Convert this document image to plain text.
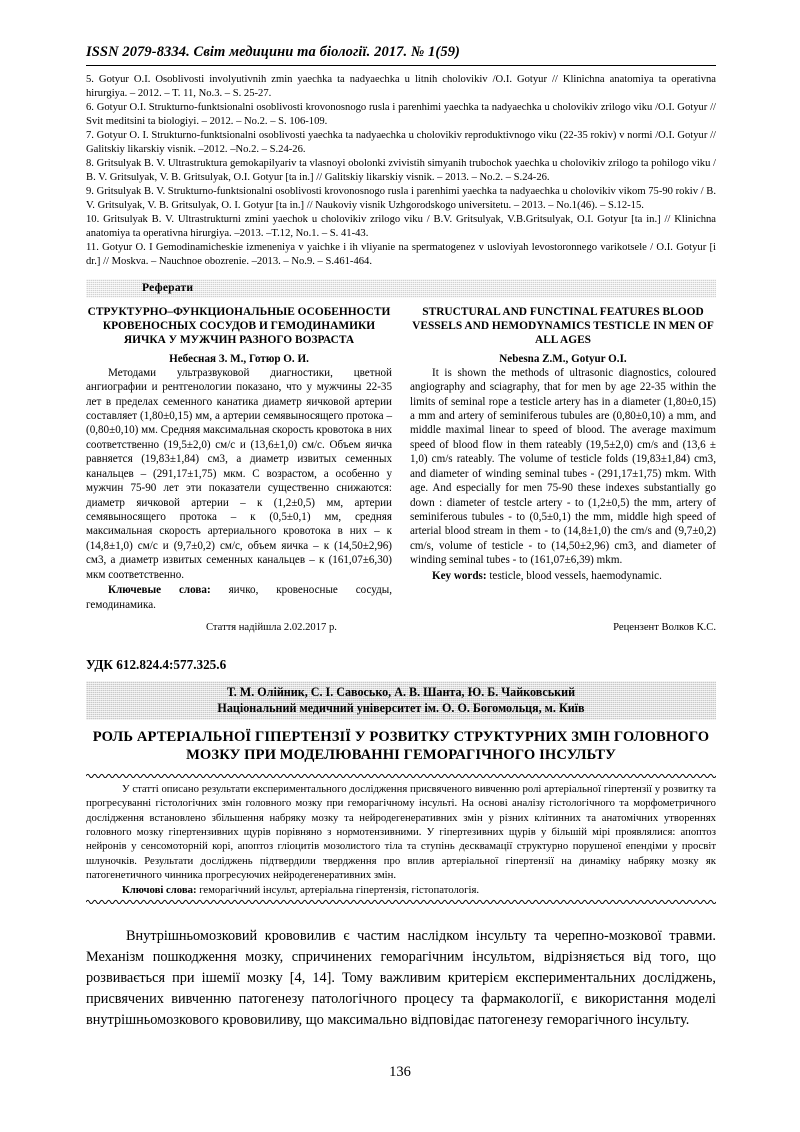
ISSN 2079-8334. Світ медицини та біології. 2017. № 1(59)

5. Gotyur O.I. Osoblivosti involyutivnih zmin yaechka ta nadyaechka u litnih cholovikiv /O.I. Gotyur // Klinichna anatomiya ta operativna hirurgiya. – 2012. – T. 11, No.3. – S. 25-27.

6. Gotyur O.I. Strukturno-funktsionalni osoblivosti krovonosnogo rusla i parenhimi yaechka ta nadyaechka u cholovikiv zrilogo viku /O.I. Gotyur // Svit meditsini ta biologiyi. – 2012. – No.2. – S. 106-109.

7. Gotyur O. I. Strukturno-funktsionalni osoblivosti yaechka ta nadyaechka u cholovikiv reproduktivnogo viku (22-35 rokiv) v normi /O.I. Gotyur // Galitskiy likarskiy visnik. –2012. –No.2. – S.24-26.

8. Gritsulyak B. V. Ultrastruktura gemokapilyariv ta vlasnoyi obolonki zvivistih simyanih trubochok yaechka u cholovikiv zrilogo ta pohilogo viku / B. V. Gritsulyak, V. B. Gritsulyak, O.I. Gotyur [ta in.] // Galitskiy likarskiy visnik. – 2013. – No.2. – S.24-26.

9. Gritsulyak B. V. Strukturno-funktsionalni osoblivosti krovonosnogo rusla i parenhimi yaechka ta nadyaechka u cholovikiv vikom 75-90 rokiv / B. V. Gritsulyak, V. B. Gritsulyak, O. I. Gotyur [ta in.] // Naukoviy visnik Uzhgorodskogo universitetu. – 2013. – No.1(46). – S.12-15.

10. Gritsulyak B. V. Ultrastrukturni zmini yaechok u cholovikiv zrilogo viku / B.V. Gritsulyak, V.B.Gritsulyak, O.I. Gotyur [ta in.] // Klinichna anatomiya ta operativna hirurgiya. –2013. –T.12, No.1. – S. 41-43.

11. Gotyur O. I Gemodinamicheskie izmeneniya v yaichke i ih vliyanie na spermatogenez v usloviyah levostoronnego varikotsele / O.I. Gotyur [i dr.] // Moskva. – Nauchnoe obozrenie. –2013. – No.9. – S.461-464.

Реферати
СТРУКТУРНО–ФУНКЦИОНАЛЬНЫЕ ОСОБЕННОСТИ КРОВЕНОСНЫХ СОСУДОВ И ГЕМОДИНАМИКИ ЯИЧКА У МУЖЧИН РАЗНОГО ВОЗРАСТА
Небесная З. М., Готюр О. И.

Методами ультразвуковой диагностики, цветной ангиографии и рентгенологии показано, что у мужчины 22-35 лет в пределах семенного канатика диаметр яичковой артерии составляет (1,80±0,15) мм, а артерии семявыносящего протока – (0,80±0,10) мм. Средняя максимальная скорость кровотока в них соответственно (19,5±2,0) см/с и (13,6±1,0) см/с. Объем яичка равняется (19,83±1,84) см3, а диаметр извитых семенных канальцев – (291,17±1,75) мкм. С возрастом, а особенно у мужчин 75-90 лет эти показатели существенно снижаются: диаметр яичковой артерии – к (1,2±0,5) мм, артерии семявыносящего протока – к (0,5±0,1) мм, средняя максимальная скорость артериального кровотока в них – к (14,8±1,0) см/с и (9,7±0,2) см/с, объем яичка – к (14,50±2,96) см3, а диаметр извитых семенных канальцев – к (161,07±6,30) мкм соответственно.

Ключевые слова: яичко, кровеносные сосуды, гемодинамика.

STRUCTURAL AND FUNCTINAL FEATURES BLOOD VESSELS AND HEMODYNAMICS TESTICLE IN MEN OF ALL AGES
Nebesna Z.M., Gotyur O.I.

It is shown the methods of ultrasonic diagnostics, coloured angiography and sciagraphy, that for men by age 22-35 within the limits of seminal rope a testicle artery has in a diameter (1,80±0,15) a mm and artery of seminiferous tubules are (0,80±0,10) a mm, and middle maximal linear to speed of blood. The average maximum speed of blood flow in them rateably (19,5±2,0) cm/s and (13,6 ± 1,0) cm/s rateably. The volume of testicle folds (19,83±1,84) cm3, and diameter of winding seminal tubes - (291,17±1,75) mkm. With age. And especially for men 75-90 these indexes substantially go down : diameter of testcle artery - to (1,2±0,5) the mm, artery of seminiferous tubules - to (0,5±0,1) the mm, middle high speed of arterial blood stream in them - to (14,8±1,0) the cm/s and (9,7±0,2) cm/s, volume of testicle - to (14,50±2,96) cm3, and diameter of winding seminal tubes - to (161,07±6,39) mkm.

Key words: testicle, blood vessels, haemodynamic.

Стаття надійшла 2.02.2017 р.	Рецензент Волков К.С.
УДК 612.824.4:577.325.6
Т. М. Олійник, С. І. Савосько, А. В. Шанта, Ю. Б. Чайковський
Національний медичний університет ім. О. О. Богомольця, м. Київ
РОЛЬ АРТЕРІАЛЬНОЇ ГІПЕРТЕНЗІЇ У РОЗВИТКУ СТРУКТУРНИХ ЗМІН ГОЛОВНОГО МОЗКУ ПРИ МОДЕЛЮВАННІ ГЕМОРАГІЧНОГО ІНСУЛЬТУ

У статті описано результати експериментального дослідження присвяченого вивченню ролі артеріальної гіпертензії у розвитку та прогресуванні гістологічних змін головного мозку при геморагічному інсульті. На основі аналізу гістологічного та морфометричного дослідження встановлено збільшення набряку мозку та нейродегенеративних змін у різних клітинних та анатомічних утвореннях головного мозку гіпертензивних щурів порівняно з нормотензивними. У гіпертезивних щурів у більшій мірі проявлялися: апоптоз нейронів у сенсомоторній корі, апоптоз гліоцитів мозолистого тіла та ступінь десквамації структурно порушеної епендіми у просвіт шлуночків. Результати досліджень підтвердили твердження про вплив артеріальної гіпертензії на динаміку набряку мозку як патогенетичного чинника прогресуючих нейродегенеративних змін.

Ключові слова: геморагічний інсульт, артеріальна гіпертензія, гістопатологія.

Внутрішньомозковий крововилив є частим наслідком інсульту та черепно-мозкової травми. Механізм пошкодження мозку, спричинених геморагічним інсультом, відрізняється від того, що розвивається при ішемії мозку [4, 14]. Тому важливим критерієм експериментальних досліджень, присвячених вивченню патогенезу патологічного процесу та фармакології, є використання моделі внутрішньомозкового крововиливу, що максимально відповідає патогенезу геморагічного інсульту.

136
